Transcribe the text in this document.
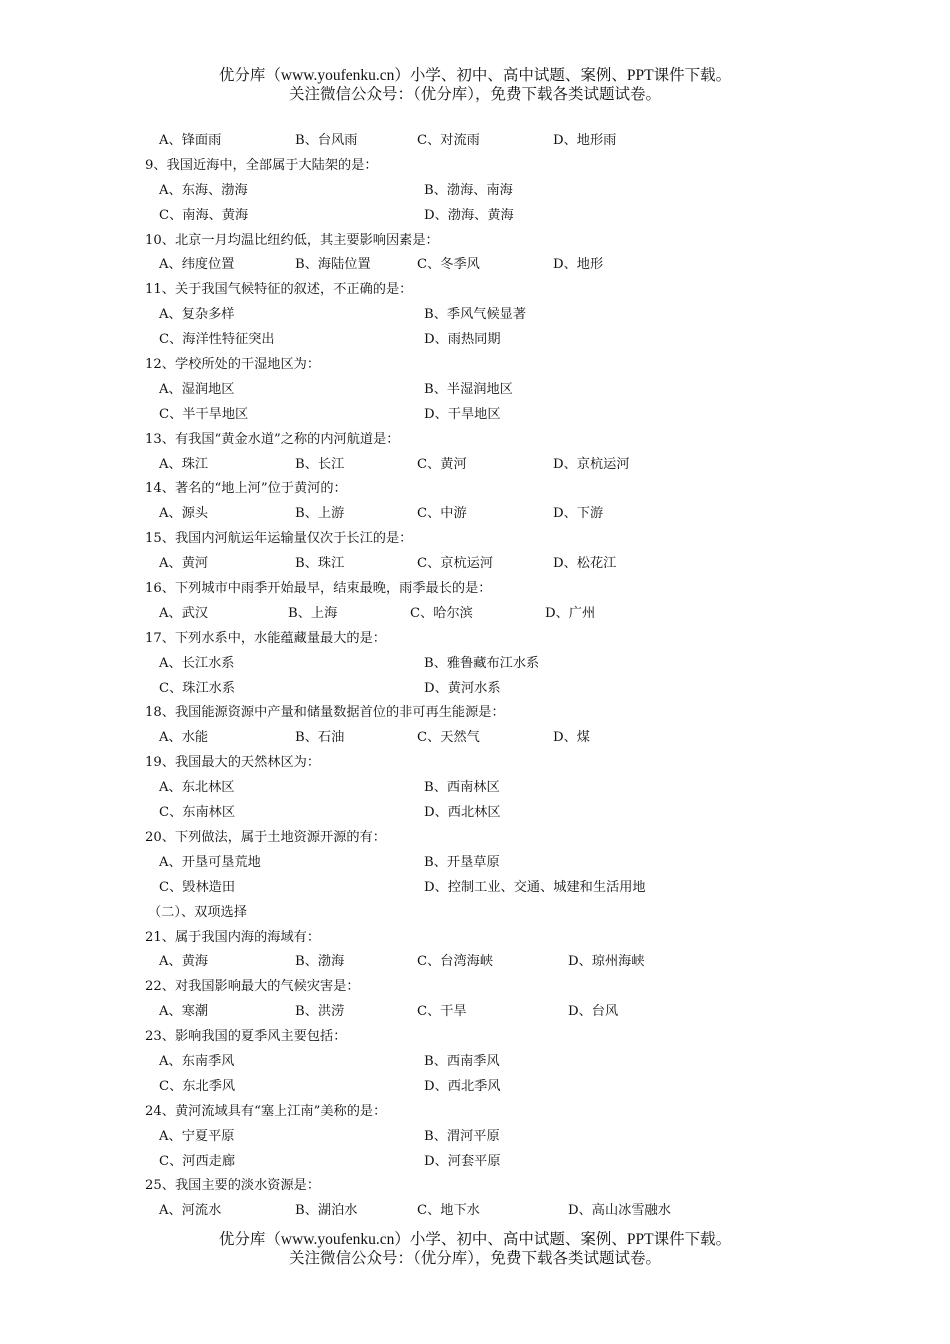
优分库（www.youfenku.cn）小学、初中、高中试题、案例、PPT课件下载。
关注微信公众号：（优分库），免费下载各类试题试卷。
A、锋面雨	B、台风雨	C、对流雨	D、地形雨
9、我国近海中，全部属于大陆架的是：
A、东海、渤海	B、渤海、南海
C、南海、黄海	D、渤海、黄海
10、北京一月均温比纽约低，其主要影响因素是：
A、纬度位置	B、海陆位置	C、冬季风	D、地形
11、关于我国气候特征的叙述，不正确的是：
A、复杂多样	B、季风气候显著
C、海洋性特征突出	D、雨热同期
12、学校所处的干湿地区为：
A、湿润地区	B、半湿润地区
C、半干旱地区	D、干旱地区
13、有我国“黄金水道”之称的内河航道是：
A、珠江	B、长江	C、黄河	D、京杭运河
14、著名的“地上河”位于黄河的：
A、源头	B、上游	C、中游	D、下游
15、我国内河航运年运输量仅次于长江的是：
A、黄河	B、珠江	C、京杭运河	D、松花江
16、下列城市中雨季开始最早，结束最晚，雨季最长的是：
A、武汉	B、上海	C、哈尔滨	D、广州
17、下列水系中，水能蕴藏量最大的是：
A、长江水系	B、雅鲁藏布江水系
C、珠江水系	D、黄河水系
18、我国能源资源中产量和储量数据首位的非可再生能源是：
A、水能	B、石油	C、天然气	D、煤
19、我国最大的天然林区为：
A、东北林区	B、西南林区
C、东南林区	D、西北林区
20、下列做法，属于土地资源开源的有：
A、开垦可垦荒地	B、开垦草原
C、毁林造田	D、控制工业、交通、城建和生活用地
（二）、双项选择
21、属于我国内海的海域有：
A、黄海	B、渤海	C、台湾海峡	D、琼州海峡
22、对我国影响最大的气候灾害是：
A、寒潮	B、洪涝	C、干旱	D、台风
23、影响我国的夏季风主要包括：
A、东南季风	B、西南季风
C、东北季风	D、西北季风
24、黄河流域具有“塞上江南”美称的是：
A、宁夏平原	B、渭河平原
C、河西走廊	D、河套平原
25、我国主要的淡水资源是：
A、河流水	B、湖泊水	C、地下水	D、高山冰雪融水
优分库（www.youfenku.cn）小学、初中、高中试题、案例、PPT课件下载。
关注微信公众号：（优分库），免费下载各类试题试卷。
